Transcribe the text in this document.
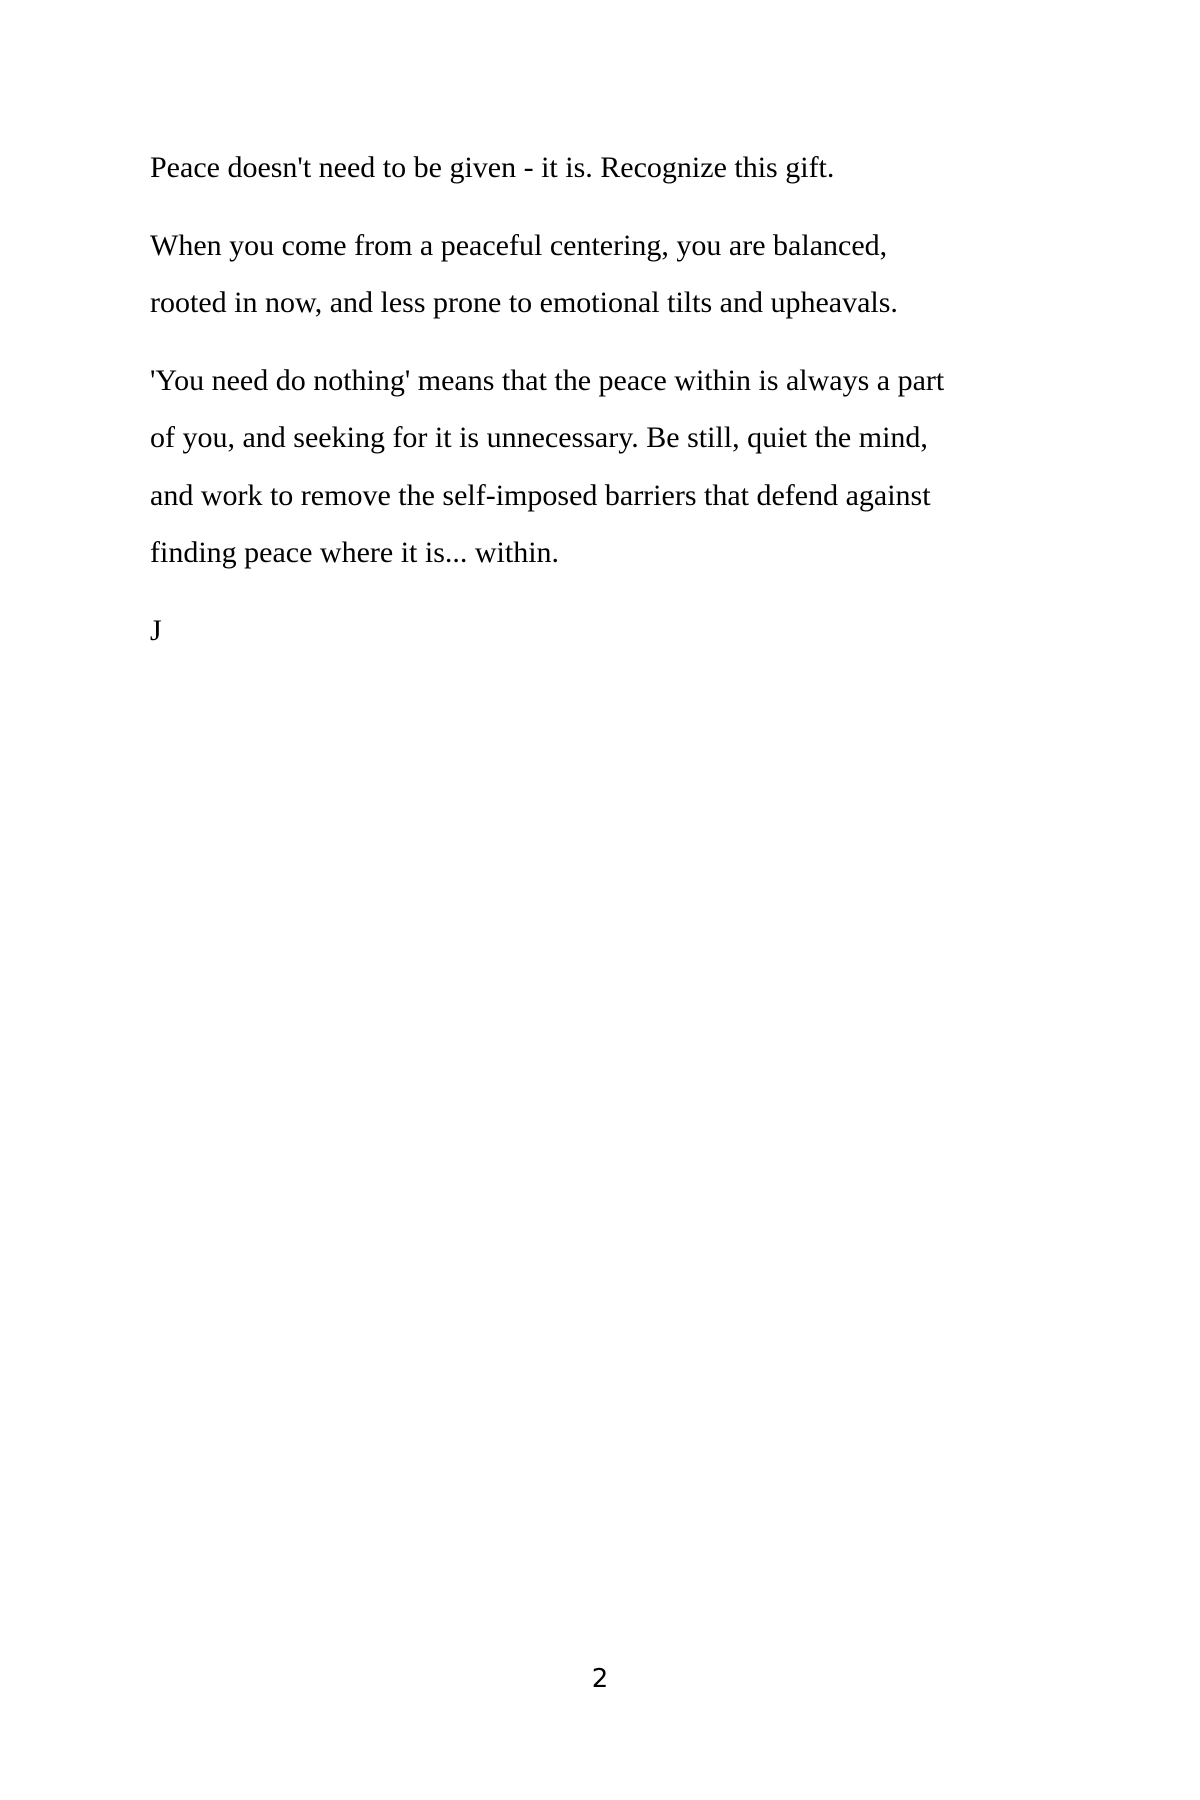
Peace doesn't need to be given - it is. Recognize this gift.

When you come from a peaceful centering, you are balanced,
rooted in now, and less prone to emotional tilts and upheavals.

'You need do nothing' means that the peace within is always a part
of you, and seeking for it is unnecessary. Be still, quiet the mind,
and work to remove the self-imposed barriers that defend against
finding peace where it is... within.

J

2
